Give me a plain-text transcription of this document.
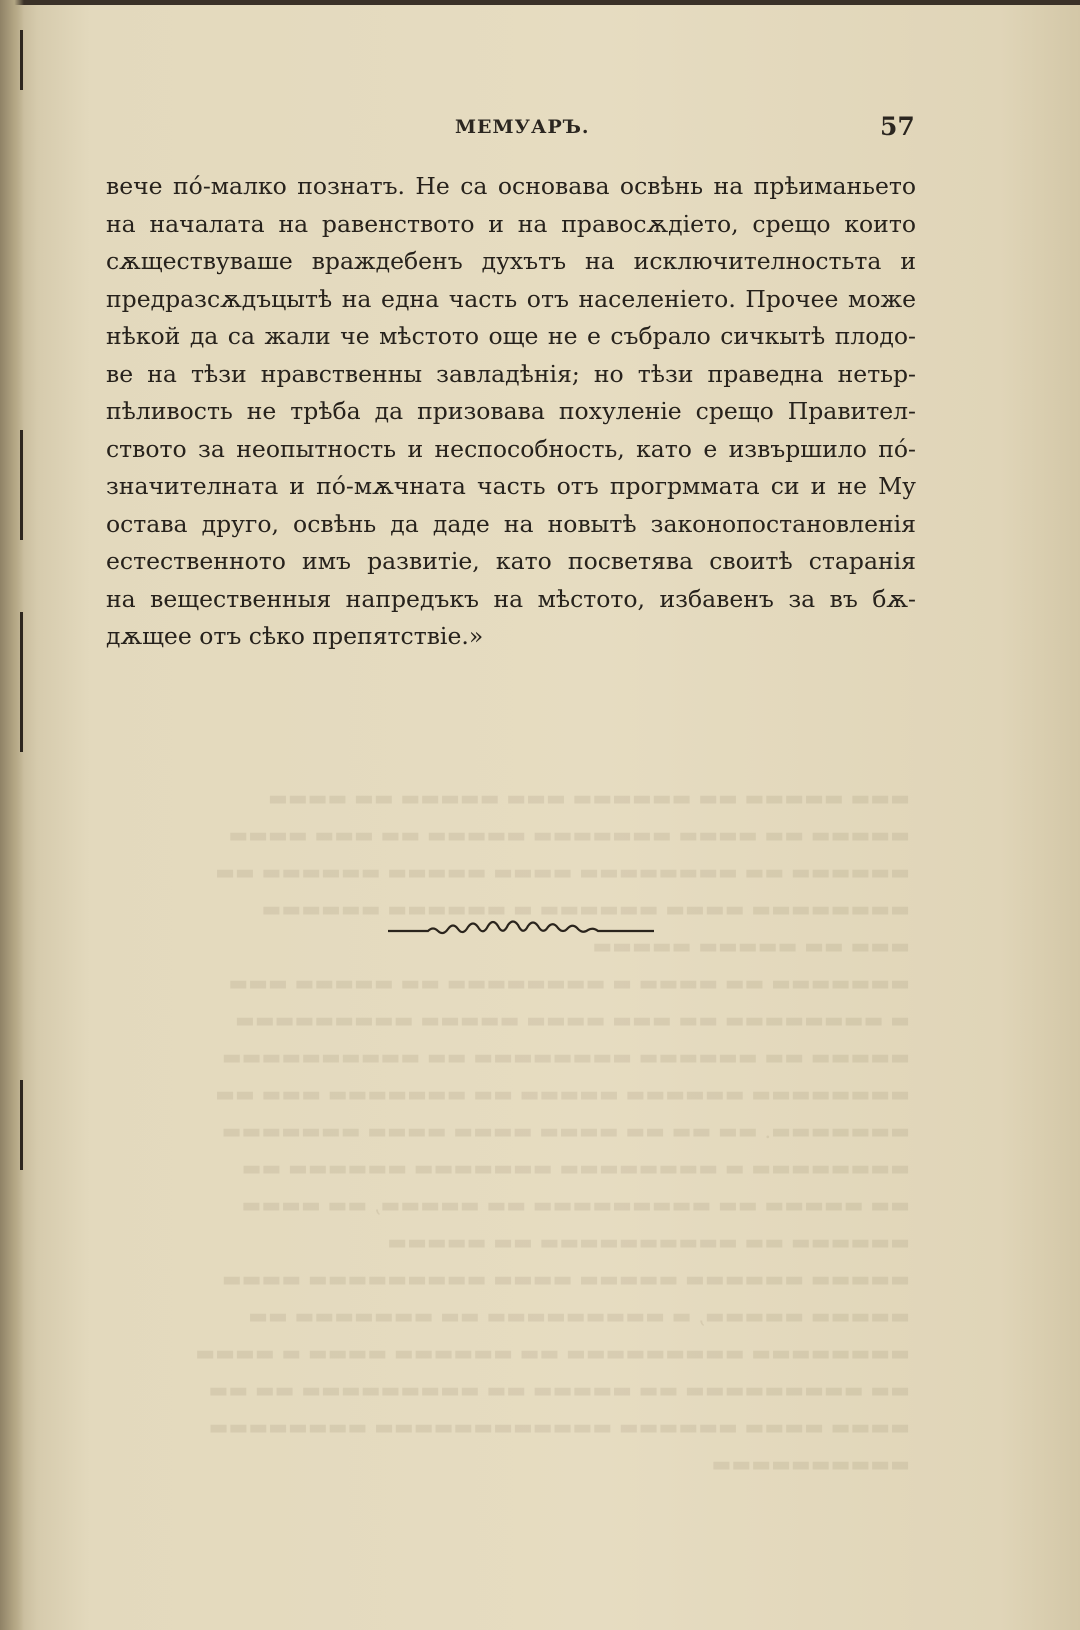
▬▬▬ ▬▬▬▬▬ ▬▬ ▬▬▬▬▬▬ ▬▬▬ ▬▬▬▬▬ ▬▬ ▬▬▬▬
▬▬▬▬▬ ▬▬ ▬▬▬▬ ▬▬▬▬▬▬▬ ▬▬▬▬▬ ▬▬ ▬▬▬ ▬▬▬▬
▬▬▬▬▬▬ ▬▬ ▬▬▬▬▬▬▬▬ ▬▬▬▬ ▬▬▬▬▬ ▬▬▬▬▬▬ ▬▬
▬▬▬▬▬▬▬▬ ▬▬▬▬ ▬▬▬▬▬▬ ▬ ▬▬▬▬▬▬ ▬▬▬▬▬▬
▬▬▬ ▬▬ ▬▬▬▬▬ ▬▬▬▬▬
▬▬▬▬▬▬▬ ▬▬ ▬▬▬▬ ▬ ▬▬▬▬▬▬▬▬ ▬▬ ▬▬▬▬▬ ▬▬▬
▬ ▬▬▬▬▬▬▬▬ ▬▬ ▬▬▬ ▬▬▬▬ ▬▬▬▬▬ ▬▬▬▬▬▬▬▬▬
▬▬▬▬▬ ▬▬ ▬▬▬▬▬▬ ▬▬▬▬▬▬▬▬ ▬▬ ▬▬▬▬▬▬▬▬▬▬
▬▬▬▬▬▬▬▬ ▬▬▬▬▬▬ ▬▬▬▬▬ ▬▬ ▬▬▬▬▬▬▬ ▬▬▬ ▬▬
▬▬▬▬▬▬▬. ▬▬ ▬▬ ▬▬ ▬▬▬▬ ▬▬▬▬ ▬▬▬▬ ▬▬▬▬▬▬▬
▬▬▬▬▬▬▬▬ ▬ ▬▬▬▬▬▬▬▬ ▬▬▬▬▬▬▬ ▬▬▬▬▬▬ ▬▬
▬▬ ▬▬▬▬▬ ▬▬ ▬▬▬▬▬▬▬▬▬ ▬▬ ▬▬▬▬▬, ▬▬ ▬▬▬▬
▬▬▬▬▬▬ ▬▬ ▬▬▬▬▬▬▬▬▬▬ ▬▬ ▬▬▬▬▬
▬▬▬▬▬ ▬▬▬▬▬▬ ▬▬▬▬▬ ▬▬▬▬ ▬▬▬▬▬▬▬▬▬ ▬▬▬▬
▬▬▬▬▬ ▬▬▬▬▬, ▬ ▬▬▬▬▬▬▬▬▬ ▬▬ ▬▬▬▬▬▬▬ ▬▬
▬▬▬▬▬▬▬▬ ▬▬▬▬▬▬▬▬▬ ▬▬ ▬▬▬▬▬▬ ▬▬▬▬ ▬ ▬▬▬▬
▬▬ ▬▬▬▬▬▬▬▬▬ ▬▬ ▬▬▬▬▬ ▬▬ ▬▬▬▬▬▬▬▬▬ ▬▬ ▬▬
▬▬▬▬ ▬▬▬▬ ▬▬▬▬▬▬ ▬▬▬▬▬▬▬▬▬▬▬▬ ▬▬▬▬▬▬▬▬
▬▬▬▬▬▬▬▬▬▬
МЕМУАРЪ.	57
вече по́-малко познатъ. Не са основава освѣнь на прѣиманьето
на началата на равенството и на правосѫдіето, срещо които
сѫществуваше враждебенъ духътъ на исключителностьта и
предразсѫдъцытѣ на една часть отъ населеніето. Прочее може
нѣкой да са жали че мѣстото още не е събрало сичкытѣ плодо-
ве на тѣзи нравственны завладѣнія; но тѣзи праведна нетьр-
пѣливость не трѣба да призовава похуленіе срещо Правител-
ството за неопытность и неспособность, като е извършило по́-
значителната и по́-мѫчната часть отъ прогрммата си и не Му
остава друго, освѣнь да даде на новытѣ законопостановленія
естественното имъ развитіе, като посветява своитѣ старанія
на вещественныя напредъкъ на мѣстото, избавенъ за въ бѫ-
дѫщее отъ сѣко препятствіе.»
